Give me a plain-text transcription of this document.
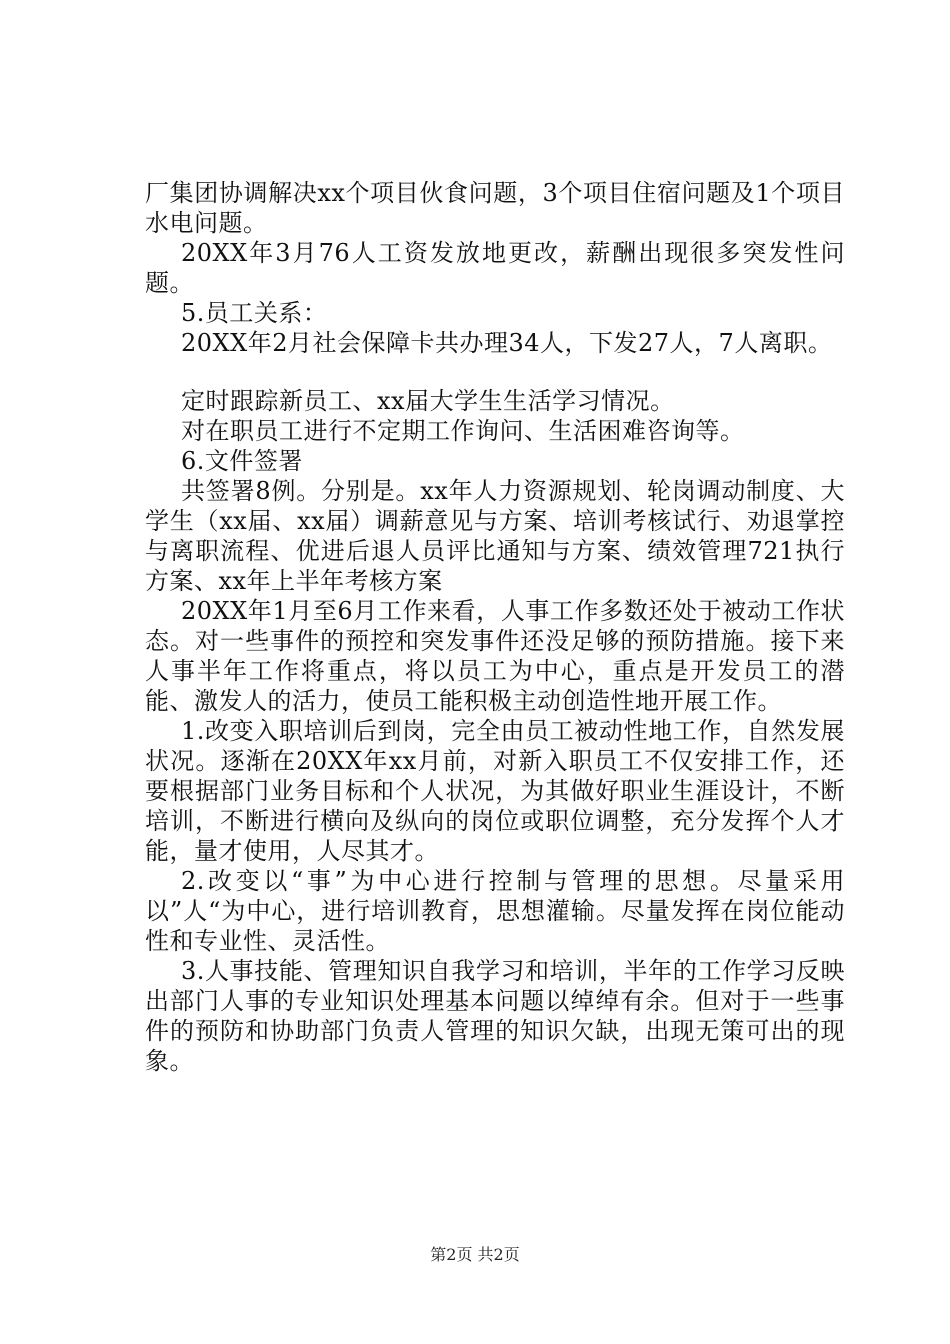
厂集团协调解决xx个项目伙食问题，3个项目住宿问题及1个项目水电问题。

20XX年3月76人工资发放地更改，薪酬出现很多突发性问题。

5.员工关系：

20XX年2月社会保障卡共办理34人，下发27人，7人离职。

定时跟踪新员工、xx届大学生生活学习情况。

对在职员工进行不定期工作询问、生活困难咨询等。

6.文件签署

共签署8例。分别是。xx年人力资源规划、轮岗调动制度、大学生（xx届、xx届）调薪意见与方案、培训考核试行、劝退掌控与离职流程、优进后退人员评比通知与方案、绩效管理721执行方案、xx年上半年考核方案

20XX年1月至6月工作来看，人事工作多数还处于被动工作状态。对一些事件的预控和突发事件还没足够的预防措施。接下来人事半年工作将重点，将以员工为中心，重点是开发员工的潜能、激发人的活力，使员工能积极主动创造性地开展工作。

1.改变入职培训后到岗，完全由员工被动性地工作，自然发展状况。逐渐在20XX年xx月前，对新入职员工不仅安排工作，还要根据部门业务目标和个人状况，为其做好职业生涯设计，不断培训，不断进行横向及纵向的岗位或职位调整，充分发挥个人才能，量才使用，人尽其才。

2.改变以“事”为中心进行控制与管理的思想。尽量采用以”人“为中心，进行培训教育，思想灌输。尽量发挥在岗位能动性和专业性、灵活性。

3.人事技能、管理知识自我学习和培训，半年的工作学习反映出部门人事的专业知识处理基本问题以绰绰有余。但对于一些事件的预防和协助部门负责人管理的知识欠缺，出现无策可出的现象。

第2页 共2页
